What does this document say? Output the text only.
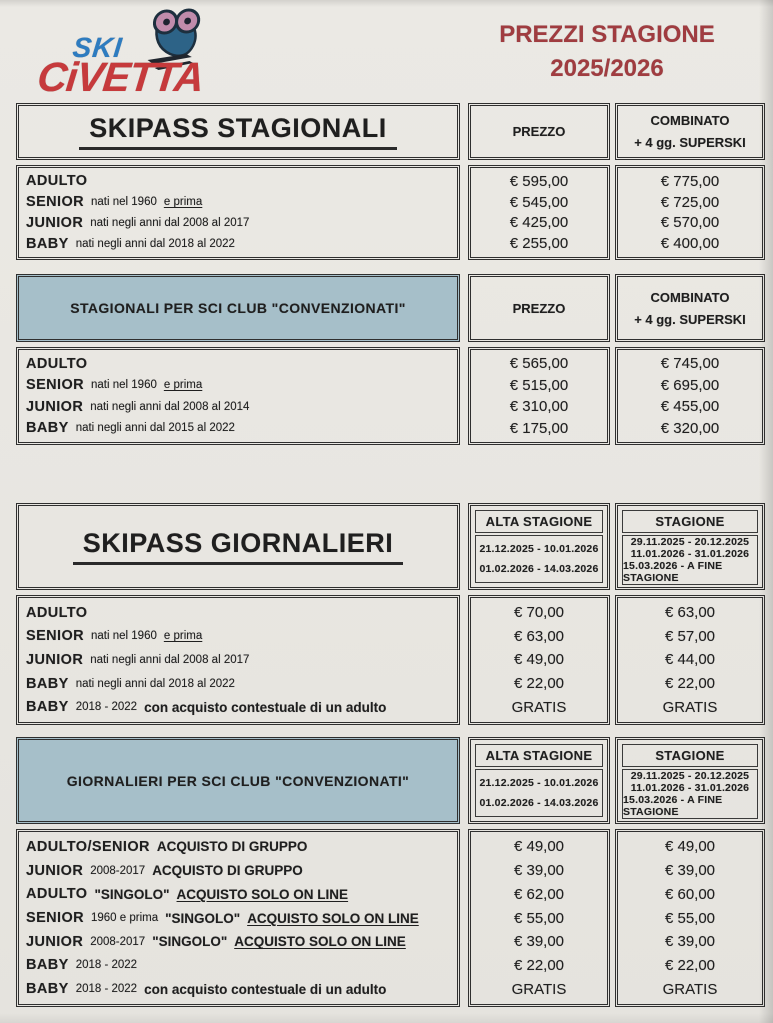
SKI
CiVETTA
PREZZI STAGIONE
2025/2026
SKIPASS STAGIONALI	PREZZO
COMBINATO
+ 4 gg. SUPERSKI
ADULTO
SENIOR nati nel 1960 e prima
JUNIOR nati negli anni dal 2008 al 2017
BABY nati negli anni dal 2018 al 2022
€ 595,00
€ 545,00
€ 425,00
€ 255,00
€ 775,00
€ 725,00
€ 570,00
€ 400,00
STAGIONALI PER SCI CLUB "CONVENZIONATI"	PREZZO
COMBINATO
+ 4 gg. SUPERSKI
ADULTO
SENIOR nati nel 1960 e prima
JUNIOR nati negli anni dal 2008 al 2014
BABY nati negli anni dal 2015 al 2022
€ 565,00
€ 515,00
€ 310,00
€ 175,00
€ 745,00
€ 695,00
€ 455,00
€ 320,00
SKIPASS GIORNALIERI
ALTA STAGIONE
21.12.2025 - 10.01.2026
01.02.2026 - 14.03.2026
STAGIONE
29.11.2025 - 20.12.2025
11.01.2026 - 31.01.2026
15.03.2026 - A FINE STAGIONE
ADULTO
SENIOR nati nel 1960 e prima
JUNIOR nati negli anni dal 2008 al 2017
BABY nati negli anni dal 2018 al 2022
BABY 2018 - 2022 con acquisto contestuale di un adulto
€ 70,00
€ 63,00
€ 49,00
€ 22,00
GRATIS
€ 63,00
€ 57,00
€ 44,00
€ 22,00
GRATIS
GIORNALIERI PER SCI CLUB "CONVENZIONATI"
ALTA STAGIONE
21.12.2025 - 10.01.2026
01.02.2026 - 14.03.2026
STAGIONE
29.11.2025 - 20.12.2025
11.01.2026 - 31.01.2026
15.03.2026 - A FINE STAGIONE
ADULTO/SENIOR ACQUISTO DI GRUPPO
JUNIOR 2008-2017 ACQUISTO DI GRUPPO
ADULTO "SINGOLO" ACQUISTO SOLO ON LINE
SENIOR 1960 e prima "SINGOLO" ACQUISTO SOLO ON LINE
JUNIOR 2008-2017 "SINGOLO" ACQUISTO SOLO ON LINE
BABY 2018 - 2022
BABY 2018 - 2022 con acquisto contestuale di un adulto
€ 49,00
€ 39,00
€ 62,00
€ 55,00
€ 39,00
€ 22,00
GRATIS
€ 49,00
€ 39,00
€ 60,00
€ 55,00
€ 39,00
€ 22,00
GRATIS
